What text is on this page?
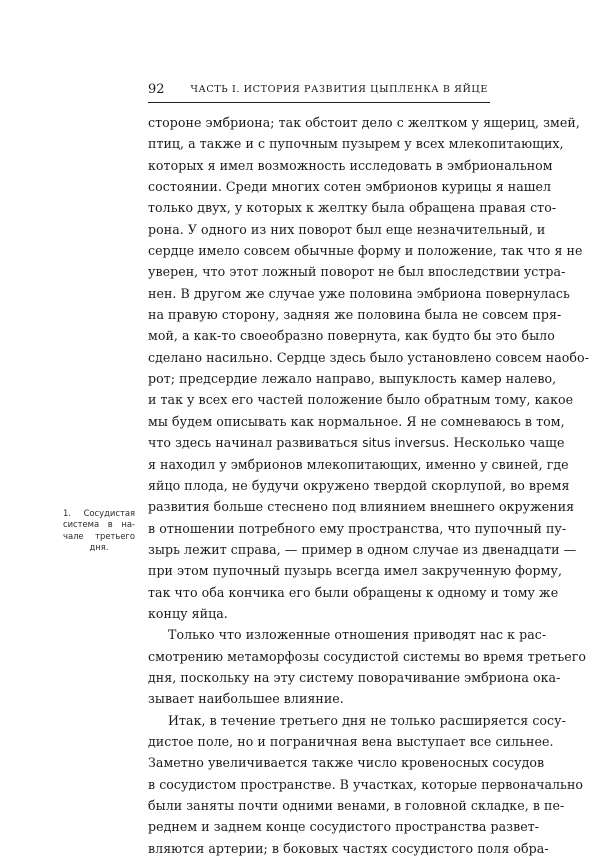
92	ЧАСТЬ I. ИСТОРИЯ РАЗВИТИЯ ЦЫПЛЕНКА В ЯЙЦЕ
1. Сосудистая
система в на-
чале третьего
дня.
стороне эмбриона; так обстоит дело с желтком у ящериц, змей,
птиц, а также и с пупочным пузырем у всех млекопитающих,
которых я имел возможность исследовать в эмбриональном
состоянии. Среди многих сотен эмбрионов курицы я нашел
только двух, у которых к желтку была обращена правая сто-
рона. У одного из них поворот был еще незначительный, и
сердце имело совсем обычные форму и положение, так что я не
уверен, что этот ложный поворот не был впоследствии устра-
нен. В другом же случае уже половина эмбриона повернулась
на правую сторону, задняя же половина была не совсем пря-
мой, а как-то своеобразно повернута, как будто бы это было
сделано насильно. Сердце здесь было установлено совсем наобо-
рот; предсердие лежало направо, выпуклость камер налево,
и так у всех его частей положение было обратным тому, какое
мы будем описывать как нормальное. Я не сомневаюсь в том,
что здесь начинал развиваться situs inversus. Несколько чаще
я находил у эмбрионов млекопитающих, именно у свиней, где
яйцо плода, не будучи окружено твердой скорлупой, во время
развития больше стеснено под влиянием внешнего окружения
в отношении потребного ему пространства, что пупочный пу-
зырь лежит справа, — пример в одном случае из двенадцати —
при этом пупочный пузырь всегда имел закрученную форму,
так что оба кончика его были обращены к одному и тому же
концу яйца.
Только что изложенные отношения приводят нас к рас-
смотрению метаморфозы сосудистой системы во время третьего
дня, поскольку на эту систему поворачивание эмбриона ока-
зывает наибольшее влияние.
Итак, в течение третьего дня не только расширяется сосу-
дистое поле, но и пограничная вена выступает все сильнее.
Заметно увеличивается также число кровеносных сосудов
в сосудистом пространстве. В участках, которые первоначально
были заняты почти одними венами, в головной складке, в пе-
реднем и заднем конце сосудистого пространства развет-
вляются артерии; в боковых частях сосудистого поля обра-
